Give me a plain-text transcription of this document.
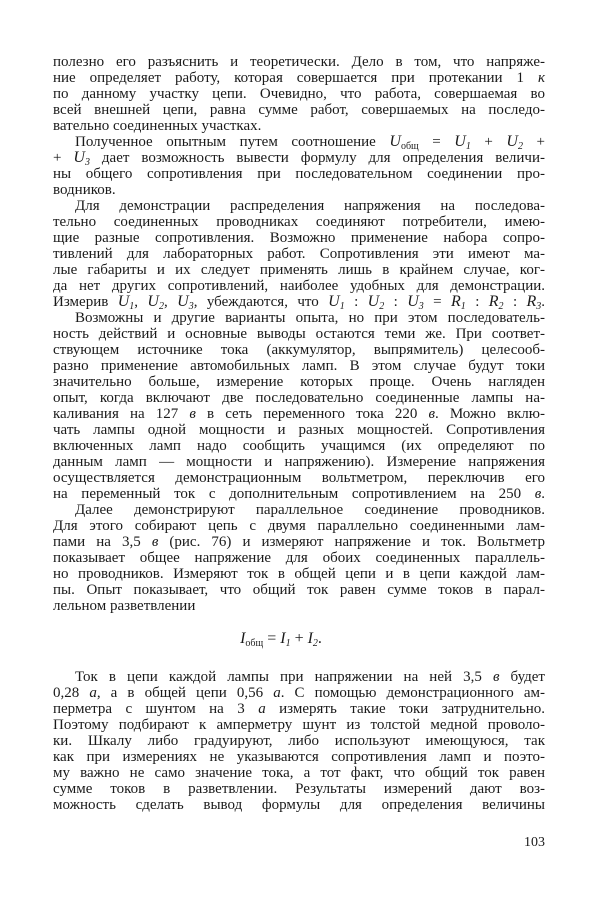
полезно его разъяснить и теоретически. Дело в том, что напряже-
ние определяет работу, которая совершается при протекании 1 к
по данному участку цепи. Очевидно, что работа, совершаемая во
всей внешней цепи, равна сумме работ, совершаемых на последо-
вательно соединенных участках.
Полученное опытным путем соотношение $U_{общ} = U_1 + U_2$ +
+ $U_3$ дает возможность вывести формулу для определения величи-
ны общего сопротивления при последовательном соединении про-
водников.
Для демонстрации распределения напряжения на последова-
тельно соединенных проводниках соединяют потребители, имею-
щие разные сопротивления. Возможно применение набора сопро-
тивлений для лабораторных работ. Сопротивления эти имеют ма-
лые габариты и их следует применять лишь в крайнем случае, ког-
да нет других сопротивлений, наиболее удобных для демонстрации.
Измерив $U_1$, $U_2$, $U_3$, убеждаются, что $U_1$ : $U_2$ : $U_3 = R_1$ : $R_2$ : $R_3$.
Возможны и другие варианты опыта, но при этом последователь-
ность действий и основные выводы остаются теми же. При соответ-
ствующем источнике тока (аккумулятор, выпрямитель) целесооб-
разно применение автомобильных ламп. В этом случае будут токи
значительно больше, измерение которых проще. Очень нагляден
опыт, когда включают две последовательно соединенные лампы на-
каливания на 127 в в сеть переменного тока 220 в. Можно вклю-
чать лампы одной мощности и разных мощностей. Сопротивления
включенных ламп надо сообщить учащимся (их определяют по
данным ламп — мощности и напряжению). Измерение напряжения
осуществляется демонстрационным вольтметром, переключив его
на переменный ток с дополнительным сопротивлением на 250 в.
Далее демонстрируют параллельное соединение проводников.
Для этого собирают цепь с двумя параллельно соединенными лам-
пами на 3,5 в (рис. 76) и измеряют напряжение и ток. Вольтметр
показывает общее напряжение для обоих соединенных параллель-
но проводников. Измеряют ток в общей цепи и в цепи каждой лам-
пы. Опыт показывает, что общий ток равен сумме токов в парал-
лельном разветвлении
$I_{общ} = I1 + I2$.
Ток в цепи каждой лампы при напряжении на ней 3,5 в будет
0,28 а, а в общей цепи 0,56 а. С помощью демонстрационного ам-
перметра с шунтом на 3 а измерять такие токи затруднительно.
Поэтому подбирают к амперметру шунт из толстой медной проволо-
ки. Шкалу либо градуируют, либо используют имеющуюся, так
как при измерениях не указываются сопротивления ламп и поэто-
му важно не само значение тока, а тот факт, что общий ток равен
сумме токов в разветвлении. Результаты измерений дают воз-
можность сделать вывод формулы для определения величины
103
